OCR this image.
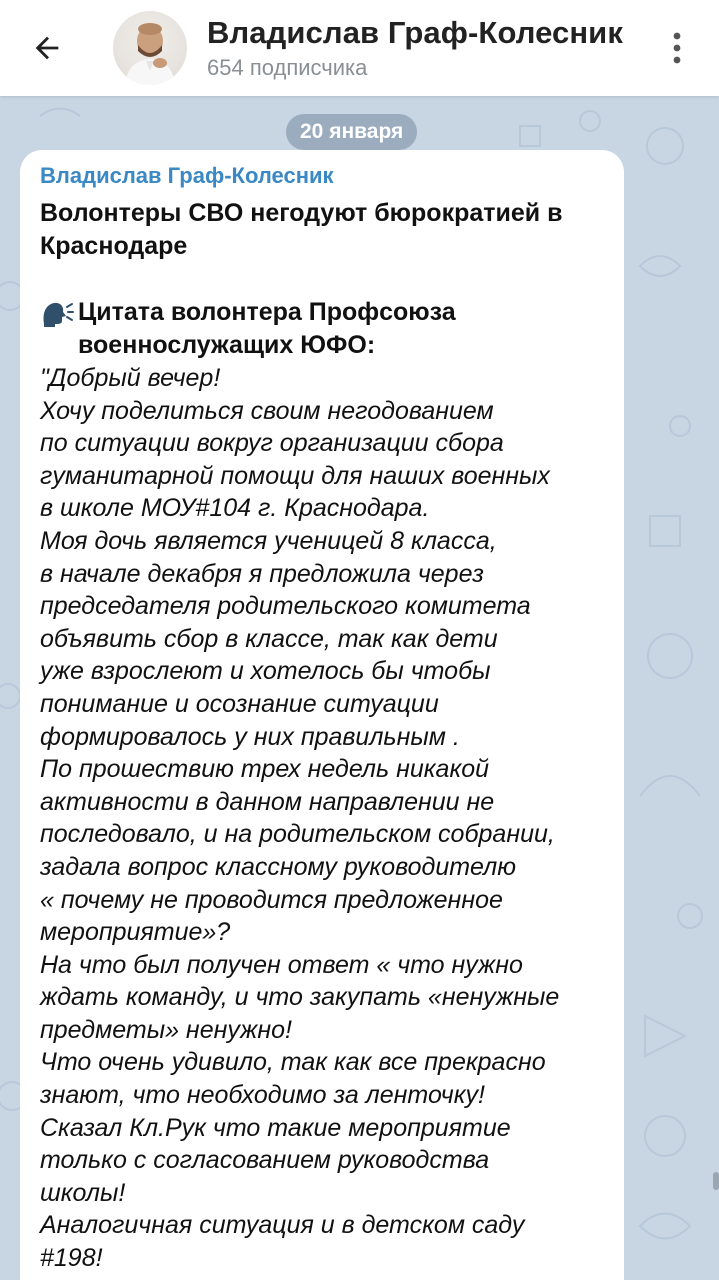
Владислав Граф-Колесник
654 подписчика
20 января
Владислав Граф-Колесник
Волонтеры СВО негодуют бюрократией в
Краснодаре
Цитата волонтера Профсоюза
военнослужащих ЮФО:
"Добрый вечер!
Хочу поделиться своим негодованием
по ситуации вокруг организации сбора
гуманитарной помощи для наших военных
в школе МОУ#104 г. Краснодара.
Моя дочь является ученицей 8 класса,
в начале декабря я предложила через
председателя родительского комитета
объявить сбор в классе, так как дети
уже взрослеют и хотелось бы чтобы
понимание и осознание ситуации
формировалось у них правильным .
По прошествию трех недель никакой
активности в данном направлении не
последовало, и на родительском собрании,
задала вопрос классному руководителю
« почему не проводится предложенное
мероприятие»?
На что был получен ответ « что нужно
ждать команду, и что закупать «ненужные
предметы» ненужно!
Что очень удивило, так как все прекрасно
знают, что необходимо за ленточку!
Сказал Кл.Рук что такие мероприятие
только с согласованием руководства
школы!
Аналогичная ситуация и в детском саду
#198!
